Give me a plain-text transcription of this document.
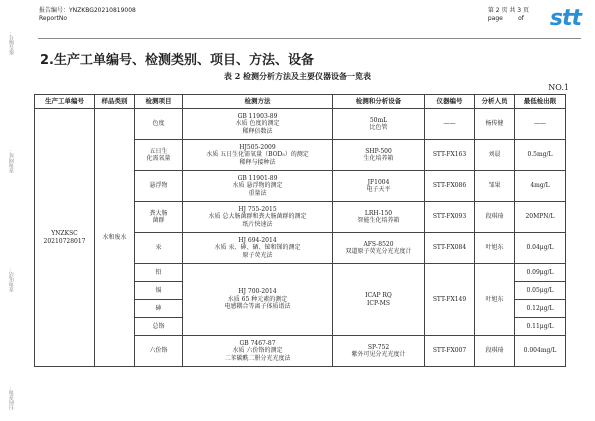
报告编号：
查询网址：
查询电话：
扫码查询：
报告编号：YNZKBG20210819008
ReportNo
第 2 页 共 3 页
page        of stt
2.生产工单编号、检测类别、项目、方法、设备
表 2 检测分析方法及主要仪器设备一览表
NO.1
生产工单编号	样品类别	检测项目	检测方法	检测和分析设备	仪器编号	分析人员	最低检出限
YNZKSC
20210728017	水和废水	色度	GB 11903-89
水质 色度的测定
稀释倍数法	50mL
比色管	——	杨传健	——
		五日生
化需氧量	HJ505-2009
水质 五日生化需氧量（BOD₅）的测定
稀释与接种法	SHP-500
生化培养箱	STT-FX163	刘晨	0.5mg/L
		悬浮物	GB 11901-89
水质 悬浮物的测定
重量法	JF1004
电子天平	STT-FX086	邹果	4mg/L
		粪大肠
菌群	HJ 755-2015
水质 总大肠菌群和粪大肠菌群的测定
纸片快速法	LRH-150
智能生化培养箱	STT-FX093	段琪琦	20MPN/L
		汞	HJ 694-2014
水质 汞、砷、硒、铋和锑的测定
原子荧光法	AFS-8520
双道原子荧光分光光度计	STT-FX084	叶旭东	0.04μg/L
		铅	HJ 700-2014
水质 65 种元素的测定
电感耦合等离子体质谱法	ICAP RQ
ICP-MS	STT-FX149	叶旭东	0.09μg/L
		镉					0.05μg/L
		砷					0.12μg/L
		总铬					0.11μg/L
		六价铬	GB 7467-87
水质 六价铬的测定
二苯碳酰二肼分光光度法	SP-752
紫外可见分光光度计	STT-FX007	段琪琦	0.004mg/L
